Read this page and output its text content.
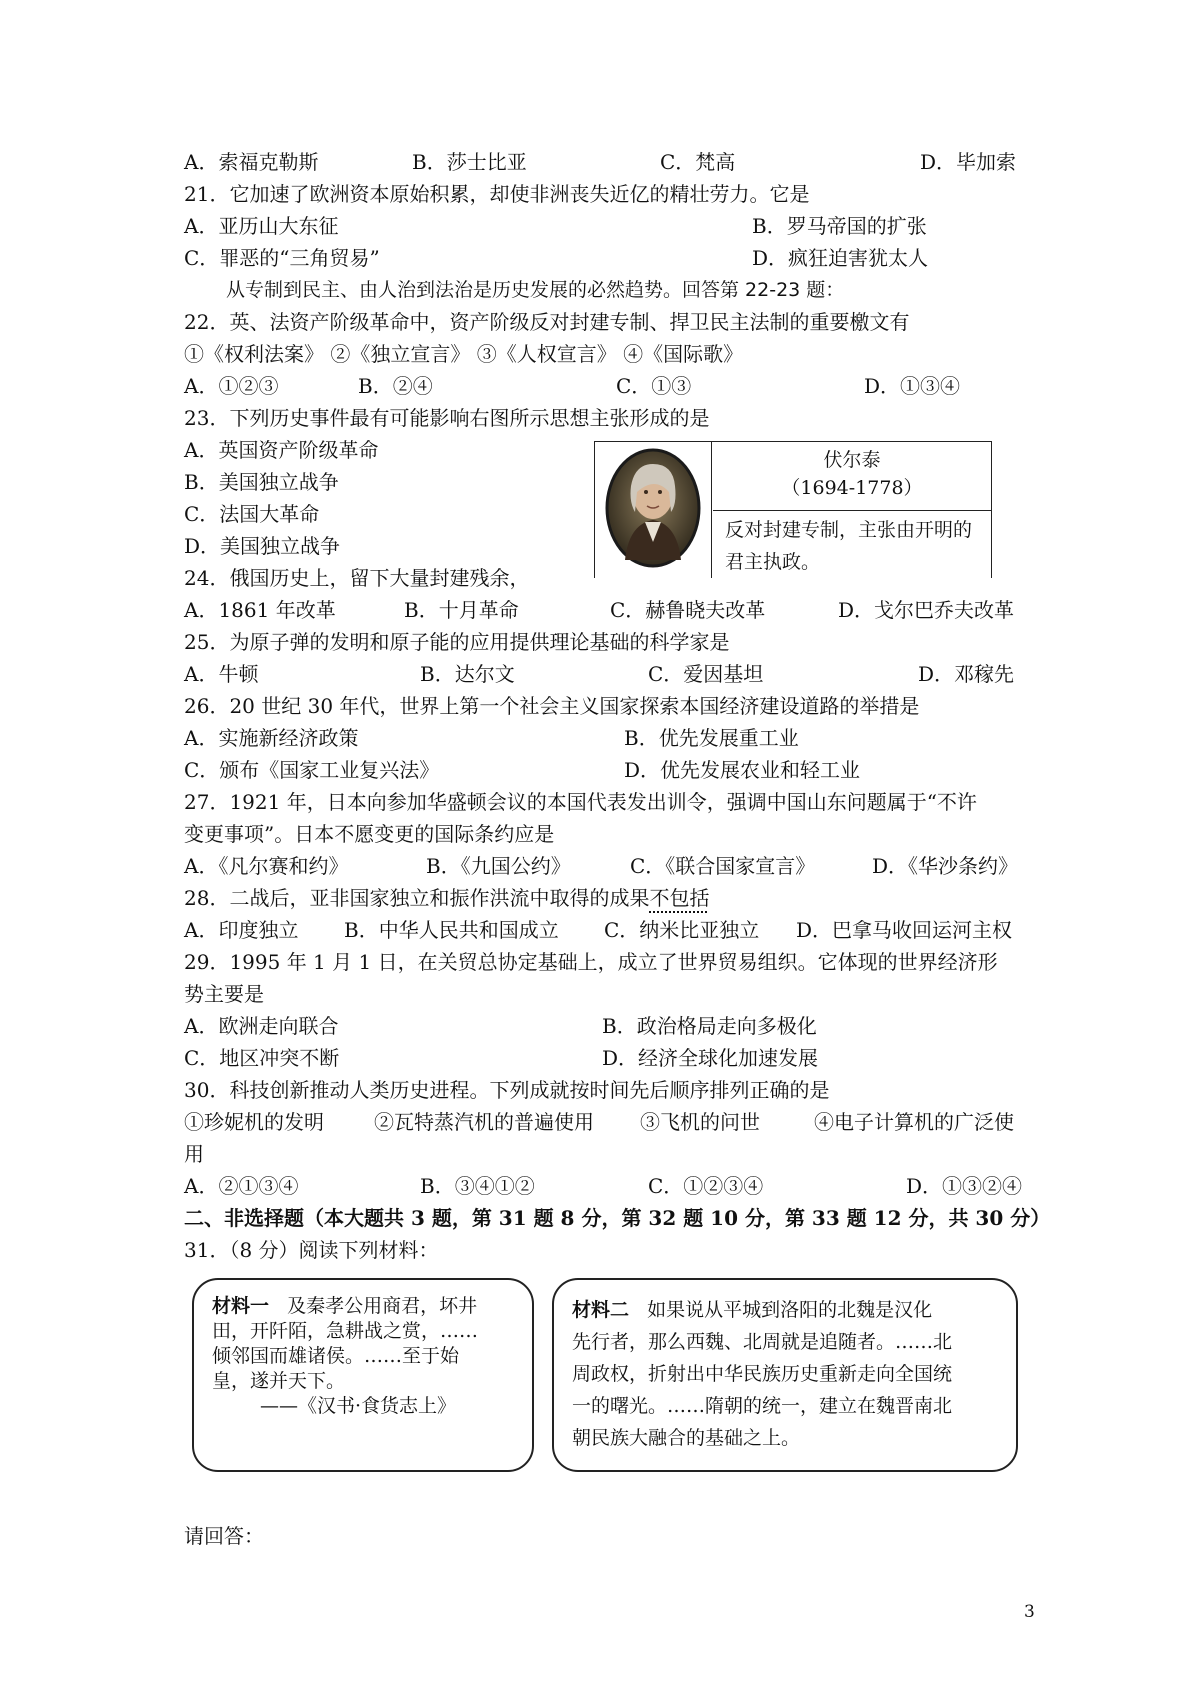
A．索福克勒斯	B．莎士比亚	C．梵高	D．毕加索
21．它加速了欧洲资本原始积累，却使非洲丧失近亿的精壮劳力。它是
A．亚历山大东征	B．罗马帝国的扩张
C．罪恶的“三角贸易”	D．疯狂迫害犹太人
从专制到民主、由人治到法治是历史发展的必然趋势。回答第 22-23 题：
22．英、法资产阶级革命中，资产阶级反对封建专制、捍卫民主法制的重要檄文有
①《权利法案》 ②《独立宣言》 ③《人权宣言》 ④《国际歌》
A．①②③	B．②④	C．①③	D．①③④
23．下列历史事件最有可能影响右图所示思想主张形成的是
A．英国资产阶级革命
B．美国独立战争
C．法国大革命
D．美国独立战争
24．俄国历史上，留下大量封建残余，
伏尔泰
（1694-1778）
反对封建专制，主张由开明的君主执政。
A．1861 年改革	B．十月革命	C．赫鲁晓夫改革	D．戈尔巴乔夫改革
25．为原子弹的发明和原子能的应用提供理论基础的科学家是
A．牛顿	B．达尔文	C．爱因基坦	D．邓稼先
26．20 世纪 30 年代，世界上第一个社会主义国家探索本国经济建设道路的举措是
A．实施新经济政策	B．优先发展重工业
C．颁布《国家工业复兴法》	D．优先发展农业和轻工业
27．1921 年，日本向参加华盛顿会议的本国代表发出训令，强调中国山东问题属于“不许
变更事项”。日本不愿变更的国际条约应是
A．《凡尔赛和约》	B．《九国公约》	C．《联合国家宣言》	D．《华沙条约》
28．二战后，亚非国家独立和振作洪流中取得的成果不包括
A．印度独立 B．中华人民共和国成立 C．纳米比亚独立 D．巴拿马收回运河主权
29．1995 年 1 月 1 日，在关贸总协定基础上，成立了世界贸易组织。它体现的世界经济形
势主要是
A．欧洲走向联合	B．政治格局走向多极化
C．地区冲突不断	D．经济全球化加速发展
30．科技创新推动人类历史进程。下列成就按时间先后顺序排列正确的是
①珍妮机的发明	②瓦特蒸汽机的普遍使用 ③飞机的问世	④电子计算机的广泛使
用
A．②①③④	B．③④①②	C．①②③④	D．①③②④
二、非选择题（本大题共 3 题，第 31 题 8 分，第 32 题 10 分，第 33 题 12 分，共 30 分）
31．（8 分）阅读下列材料：
材料一 及秦孝公用商君，坏井
田，开阡陌，急耕战之赏，……
倾邻国而雄诸侯。……至于始
皇，遂并天下。
——《汉书·食货志上》
材料二 如果说从平城到洛阳的北魏是汉化
先行者，那么西魏、北周就是追随者。……北
周政权，折射出中华民族历史重新走向全国统
一的曙光。……隋朝的统一，建立在魏晋南北
朝民族大融合的基础之上。
请回答：
3
